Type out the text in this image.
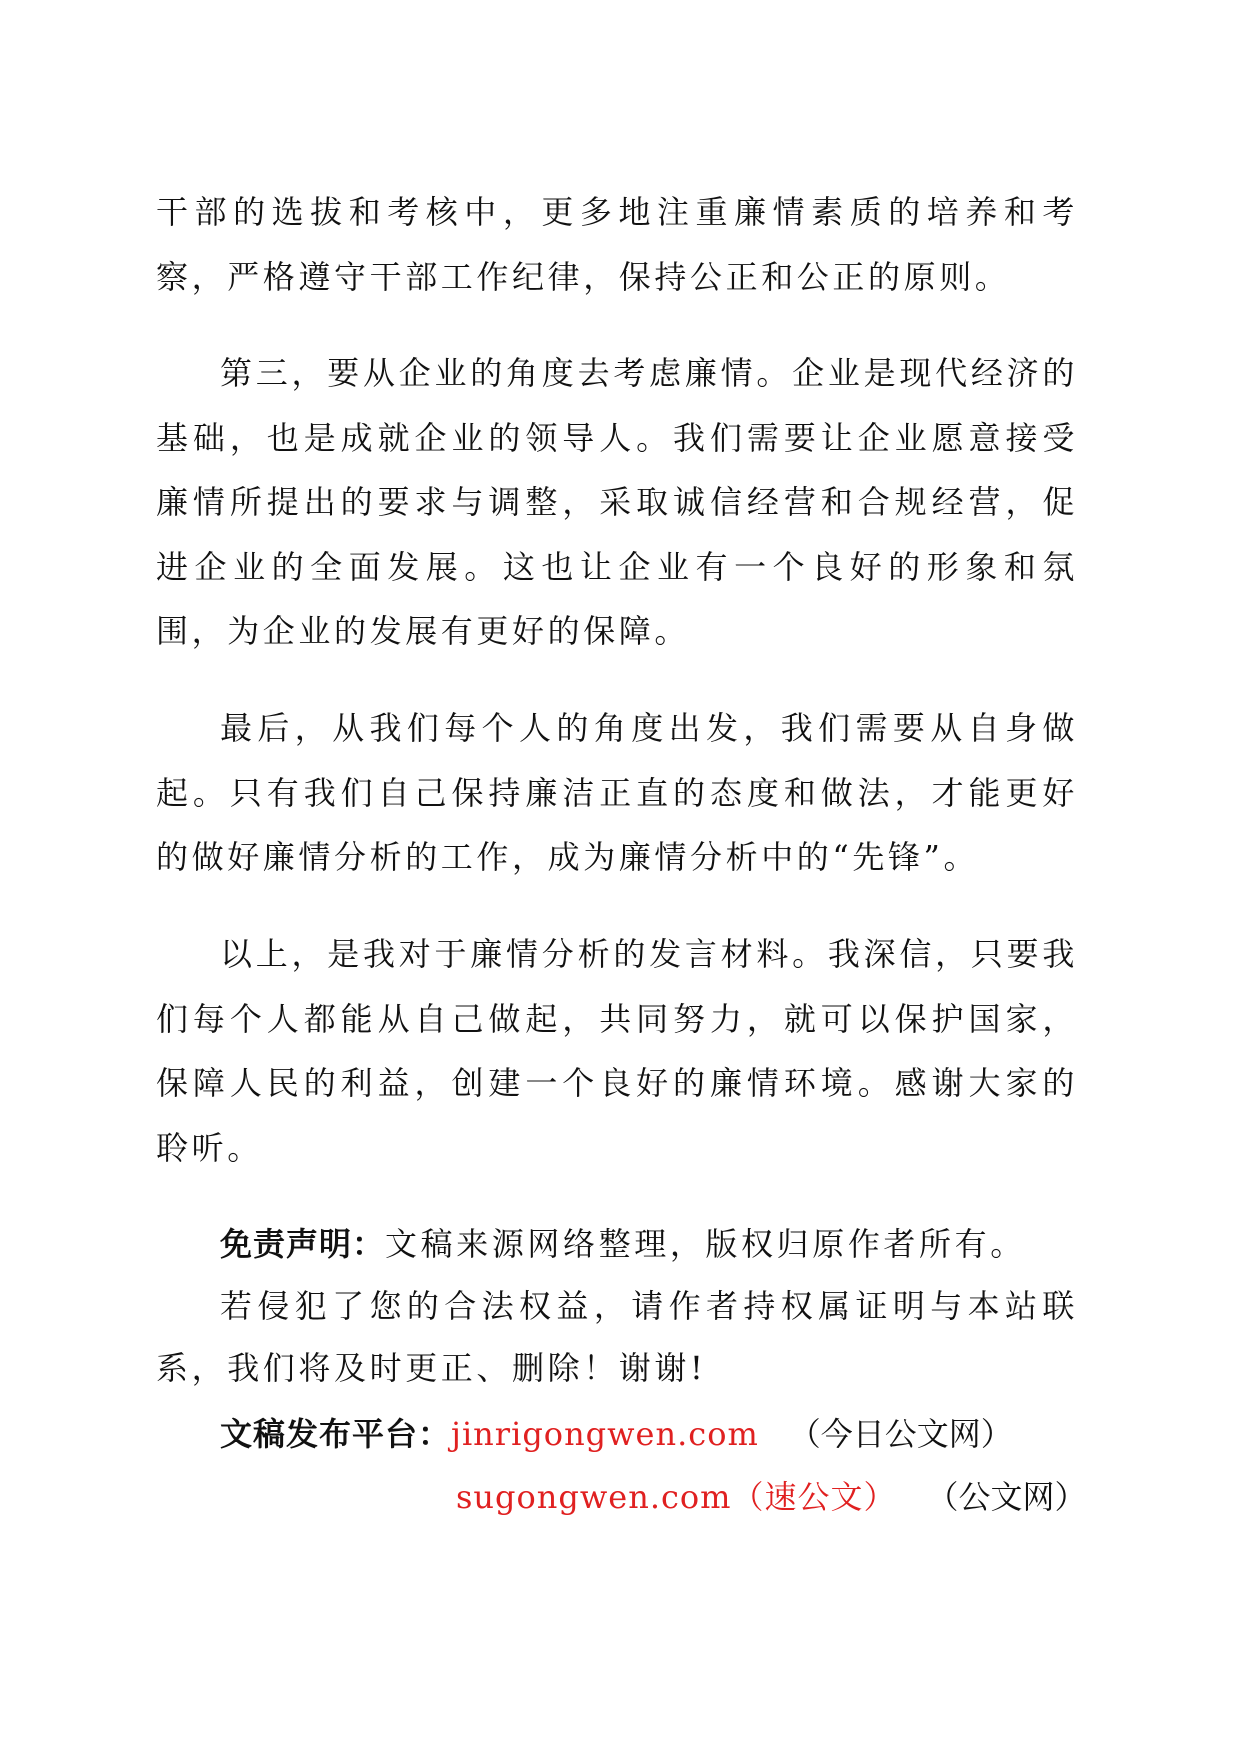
干部的选拔和考核中，更多地注重廉情素质的培养和考察，严格遵守干部工作纪律，保持公正和公正的原则。

第三，要从企业的角度去考虑廉情。企业是现代经济的基础，也是成就企业的领导人。我们需要让企业愿意接受廉情所提出的要求与调整，采取诚信经营和合规经营，促进企业的全面发展。这也让企业有一个良好的形象和氛围，为企业的发展有更好的保障。

最后，从我们每个人的角度出发，我们需要从自身做起。只有我们自己保持廉洁正直的态度和做法，才能更好的做好廉情分析的工作，成为廉情分析中的“先锋”。

以上，是我对于廉情分析的发言材料。我深信，只要我们每个人都能从自己做起，共同努力，就可以保护国家，保障人民的利益，创建一个良好的廉情环境。感谢大家的聆听。

免责声明：文稿来源网络整理，版权归原作者所有。

若侵犯了您的合法权益，请作者持权属证明与本站联系，我们将及时更正、删除！谢谢!

文稿发布平台：jinrigongwen.com （今日公文网）
sugongwen.com（速公文） （公文网）
